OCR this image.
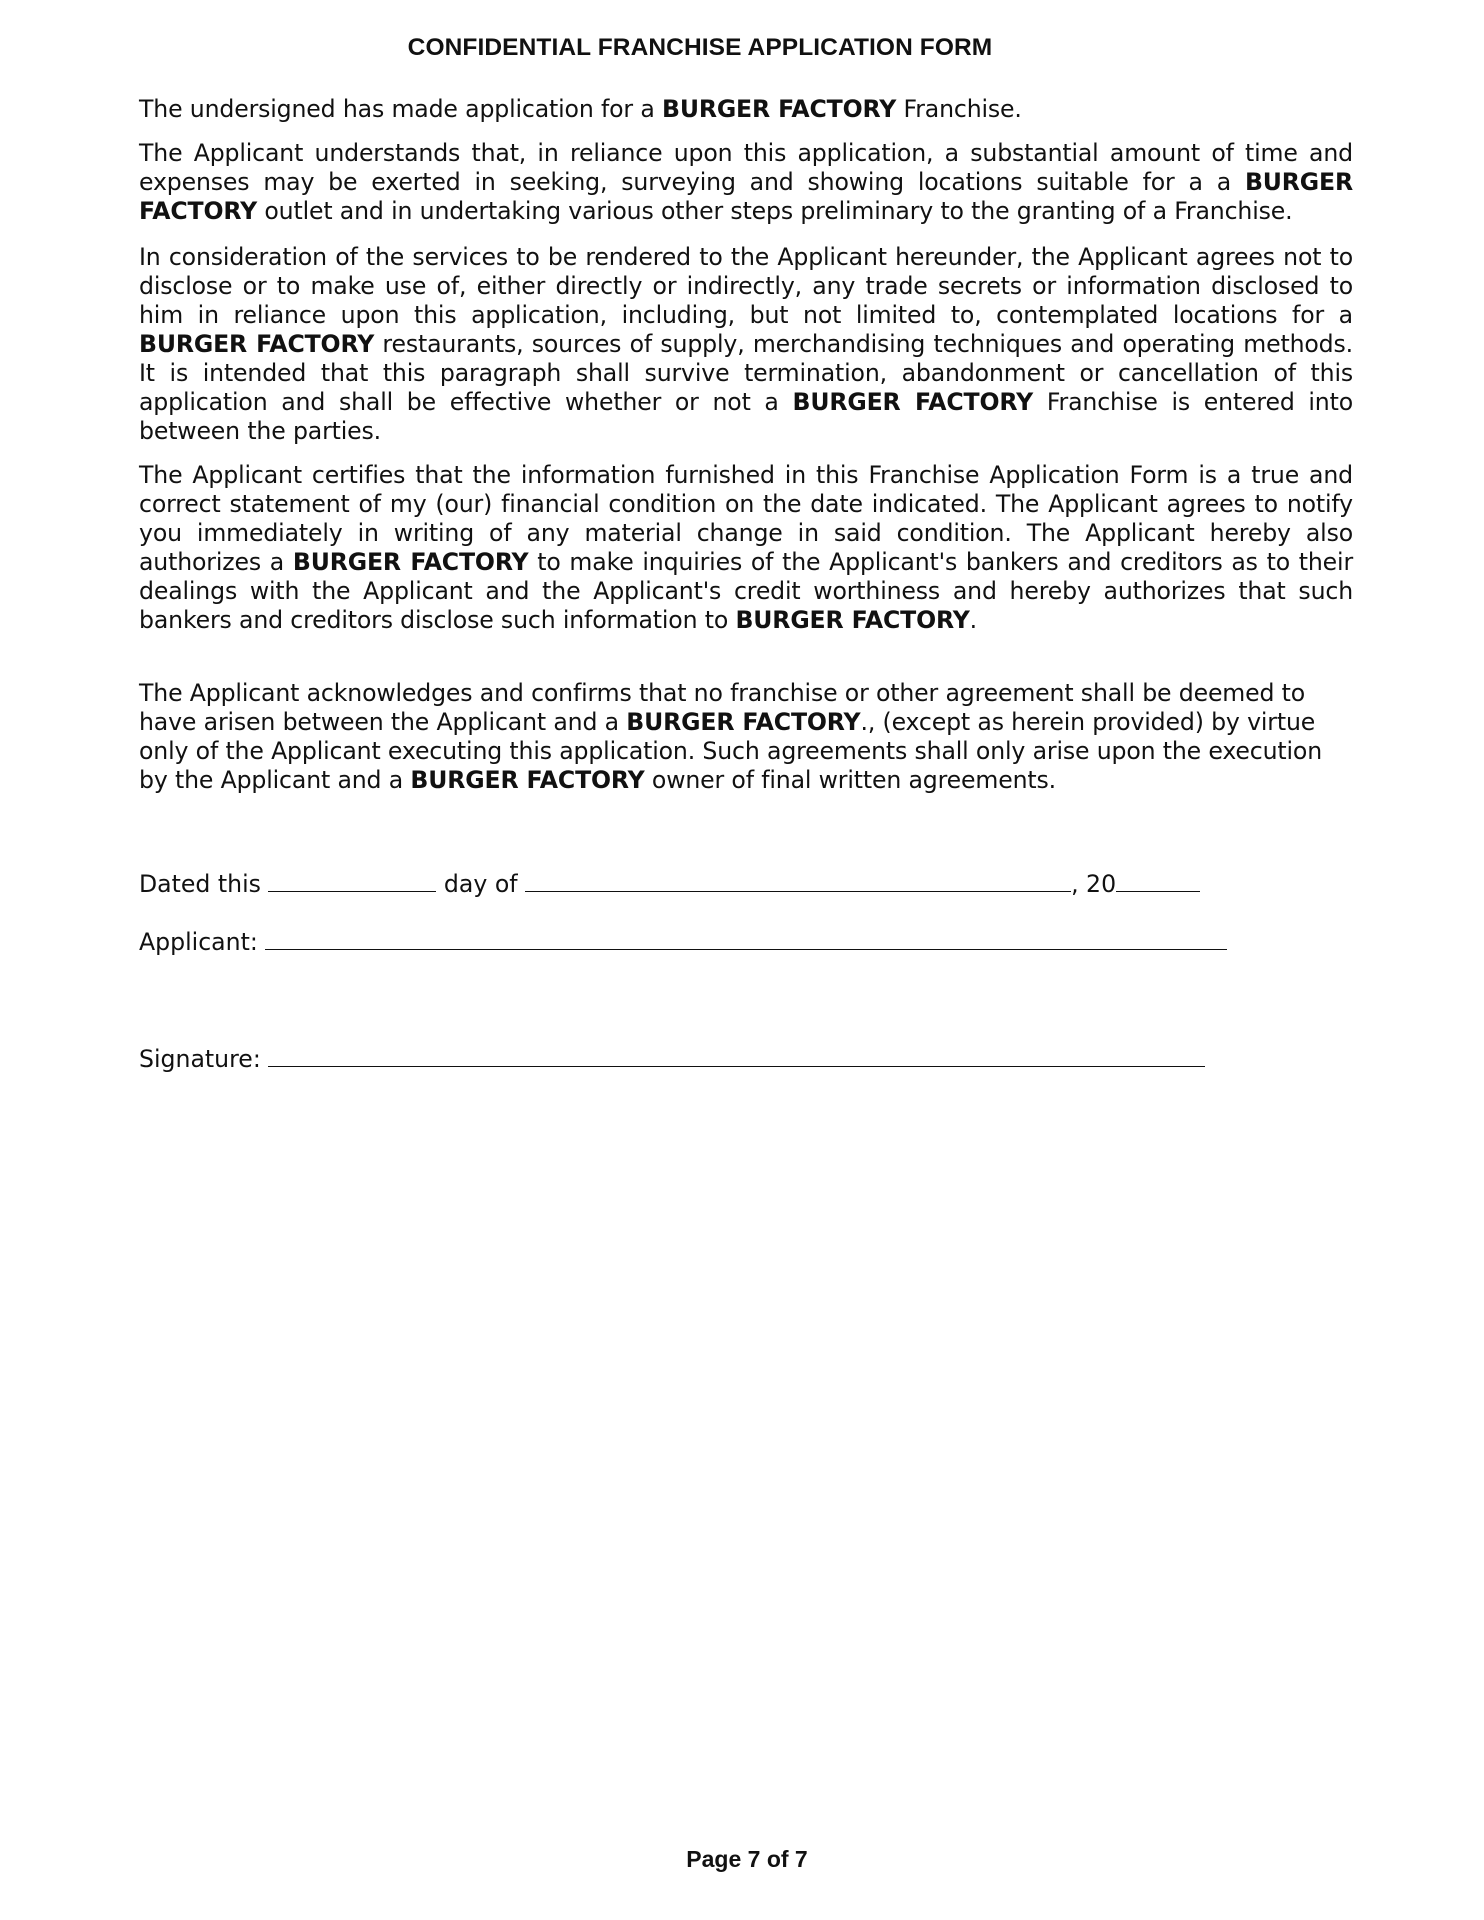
CONFIDENTIAL FRANCHISE APPLICATION FORM

The undersigned has made application for a BURGER FACTORY Franchise.

The Applicant understands that, in reliance upon this application, a substantial amount of time and expenses may be exerted in seeking, surveying and showing locations suitable for a a BURGER FACTORY outlet and in undertaking various other steps preliminary to the granting of a Franchise.

In consideration of the services to be rendered to the Applicant hereunder, the Applicant agrees not to disclose or to make use of, either directly or indirectly, any trade secrets or information disclosed to him in reliance upon this application, including, but not limited to, contemplated locations for a BURGER FACTORY restaurants, sources of supply, merchandising techniques and operating methods. It is intended that this paragraph shall survive termination, abandonment or cancellation of this application and shall be effective whether or not a BURGER FACTORY Franchise is entered into between the parties.

The Applicant certifies that the information furnished in this Franchise Application Form is a true and correct statement of my (our) financial condition on the date indicated. The Applicant agrees to notify you immediately in writing of any material change in said condition. The Applicant hereby also authorizes a BURGER FACTORY to make inquiries of the Applicant's bankers and creditors as to their dealings with the Applicant and the Applicant's credit worthiness and hereby authorizes that such bankers and creditors disclose such information to BURGER FACTORY.

The Applicant acknowledges and confirms that no franchise or other agreement shall be deemed to have arisen between the Applicant and a BURGER FACTORY., (except as herein provided) by virtue only of the Applicant executing this application. Such agreements shall only arise upon the execution by the Applicant and a BURGER FACTORY owner of final written agreements.

Dated this	day of	, 20
Applicant:
Signature:
Page 7 of 7
